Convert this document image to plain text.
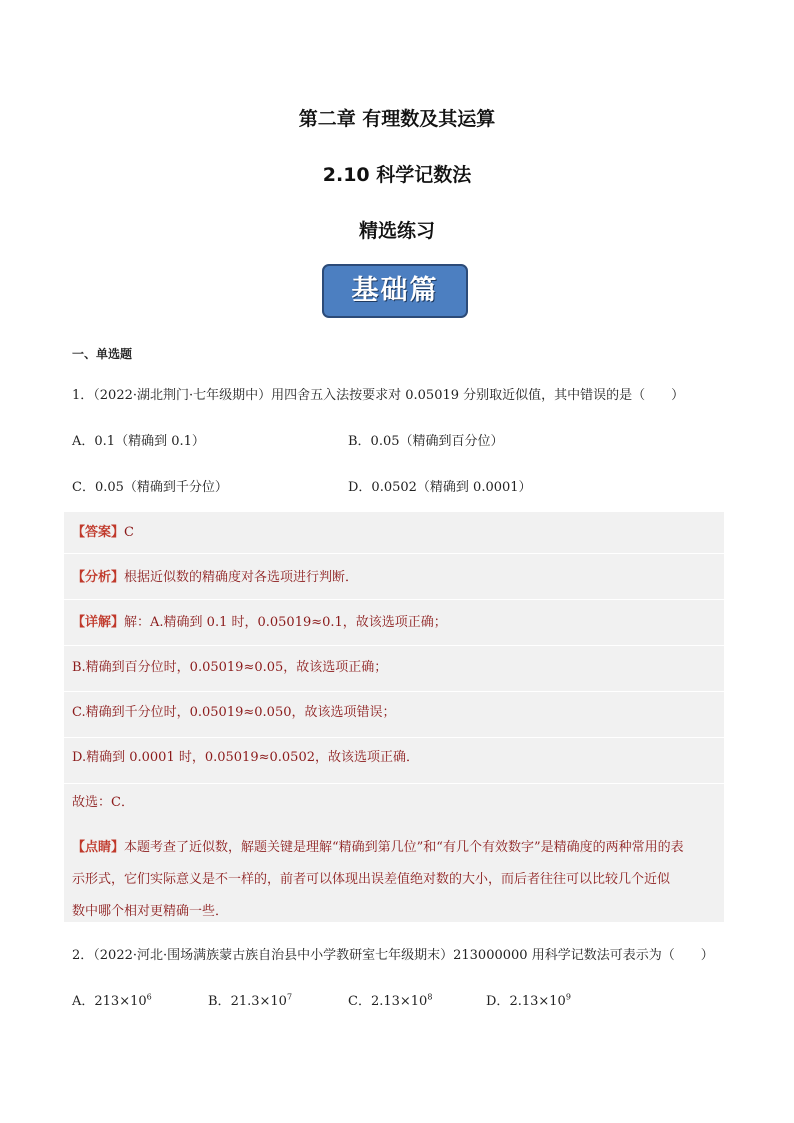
第二章 有理数及其运算
2.10 科学记数法
精选练习
基础篇
一、单选题
1．（2022·湖北荆门·七年级期中）用四舍五入法按要求对 0.05019 分别取近似值，其中错误的是（　　）
A．0.1（精确到 0.1）	B．0.05（精确到百分位）
C．0.05（精确到千分位）	D．0.0502（精确到 0.0001）
【答案】C
【分析】根据近似数的精确度对各选项进行判断．
【详解】解：A.精确到 0.1 时，0.05019≈0.1，故该选项正确；
B.精确到百分位时，0.05019≈0.05，故该选项正确；
C.精确到千分位时，0.05019≈0.050，故该选项错误；
D.精确到 0.0001 时，0.05019≈0.0502，故该选项正确．
故选：C．
【点睛】本题考查了近似数，解题关键是理解“精确到第几位”和“有几个有效数字”是精确度的两种常用的表
示形式，它们实际意义是不一样的，前者可以体现出误差值绝对数的大小，而后者往往可以比较几个近似
数中哪个相对更精确一些．
2．（2022·河北·围场满族蒙古族自治县中小学教研室七年级期末）213000000 用科学记数法可表示为（　　）
A．$213\times 10^6$	B．$21.3\times 10^7$	C．$2.13\times 10^8$	D．$2.13\times 10^9$
